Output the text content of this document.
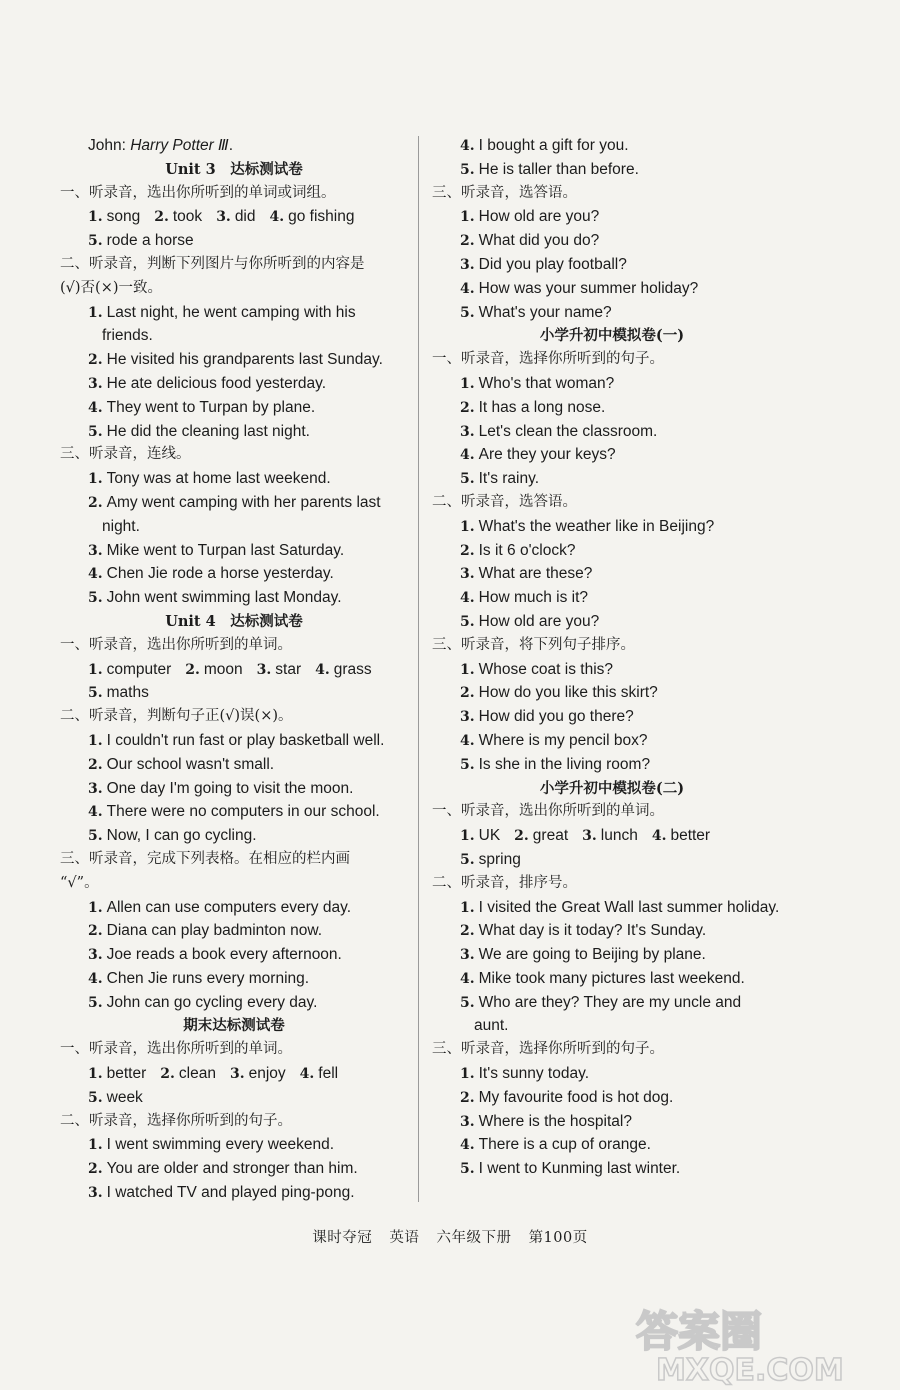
John: Harry Potter Ⅲ.
Unit 3　达标测试卷
一、听录音，选出你所听到的单词或词组。
1. song 2. took 3. did 4. go fishing
5. rode a horse
二、听录音，判断下列图片与你所听到的内容是
(√)否(×)一致。
1. Last night, he went camping with his
friends.
2. He visited his grandparents last Sunday.
3. He ate delicious food yesterday.
4. They went to Turpan by plane.
5. He did the cleaning last night.
三、听录音，连线。
1. Tony was at home last weekend.
2. Amy went camping with her parents last
night.
3. Mike went to Turpan last Saturday.
4. Chen Jie rode a horse yesterday.
5. John went swimming last Monday.
Unit 4　达标测试卷
一、听录音，选出你所听到的单词。
1. computer 2. moon 3. star 4. grass
5. maths
二、听录音，判断句子正(√)误(×)。
1. I couldn't run fast or play basketball well.
2. Our school wasn't small.
3. One day I'm going to visit the moon.
4. There were no computers in our school.
5. Now, I can go cycling.
三、听录音，完成下列表格。在相应的栏内画
“√”。
1. Allen can use computers every day.
2. Diana can play badminton now.
3. Joe reads a book every afternoon.
4. Chen Jie runs every morning.
5. John can go cycling every day.
期末达标测试卷
一、听录音，选出你所听到的单词。
1. better 2. clean 3. enjoy 4. fell
5. week
二、听录音，选择你所听到的句子。
1. I went swimming every weekend.
2. You are older and stronger than him.
3. I watched TV and played ping-pong.
4. I bought a gift for you.
5. He is taller than before.
三、听录音，选答语。
1. How old are you?
2. What did you do?
3. Did you play football?
4. How was your summer holiday?
5. What's your name?
小学升初中模拟卷(一)
一、听录音，选择你所听到的句子。
1. Who's that woman?
2. It has a long nose.
3. Let's clean the classroom.
4. Are they your keys?
5. It's rainy.
二、听录音，选答语。
1. What's the weather like in Beijing?
2. Is it 6 o'clock?
3. What are these?
4. How much is it?
5. How old are you?
三、听录音，将下列句子排序。
1. Whose coat is this?
2. How do you like this skirt?
3. How did you go there?
4. Where is my pencil box?
5. Is she in the living room?
小学升初中模拟卷(二)
一、听录音，选出你所听到的单词。
1. UK 2. great 3. lunch 4. better
5. spring
二、听录音，排序号。
1. I visited the Great Wall last summer holiday.
2. What day is it today? It's Sunday.
3. We are going to Beijing by plane.
4. Mike took many pictures last weekend.
5. Who are they? They are my uncle and
aunt.
三、听录音，选择你所听到的句子。
1. It's sunny today.
2. My favourite food is hot dog.
3. Where is the hospital?
4. There is a cup of orange.
5. I went to Kunming last winter.
课时夺冠 英语 六年级下册 第100页
答案圈
MXQE.COM
